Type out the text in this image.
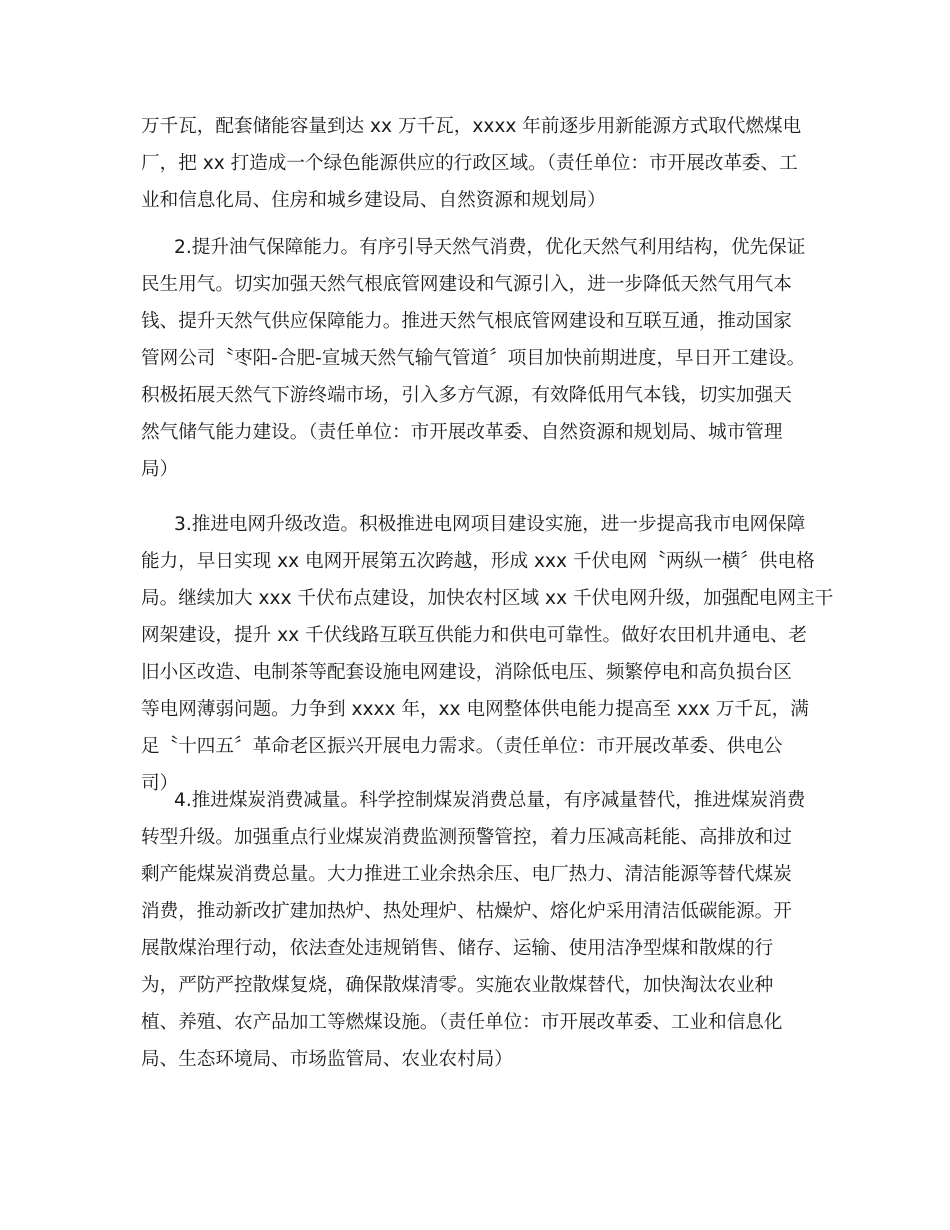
万千瓦，配套储能容量到达 xx 万千瓦，xxxx 年前逐步用新能源方式取代燃煤电
厂，把 xx 打造成一个绿色能源供应的行政区域。（责任单位：市开展改革委、工
业和信息化局、住房和城乡建设局、自然资源和规划局）
2.提升油气保障能力。有序引导天然气消费，优化天然气利用结构，优先保证
民生用气。切实加强天然气根底管网建设和气源引入，进一步降低天然气用气本
钱、提升天然气供应保障能力。推进天然气根底管网建设和互联互通，推动国家
管网公司〝枣阳-合肥-宣城天然气输气管道〞项目加快前期进度，早日开工建设。
积极拓展天然气下游终端市场，引入多方气源，有效降低用气本钱，切实加强天
然气储气能力建设。（责任单位：市开展改革委、自然资源和规划局、城市管理
局）
3.推进电网升级改造。积极推进电网项目建设实施，进一步提高我市电网保障
能力，早日实现 xx 电网开展第五次跨越，形成 xxx 千伏电网〝两纵一横〞供电格
局。继续加大 xxx 千伏布点建设，加快农村区域 xx 千伏电网升级，加强配电网主干
网架建设，提升 xx 千伏线路互联互供能力和供电可靠性。做好农田机井通电、老
旧小区改造、电制茶等配套设施电网建设，消除低电压、频繁停电和高负损台区
等电网薄弱问题。力争到 xxxx 年，xx 电网整体供电能力提高至 xxx 万千瓦，满
足〝十四五〞革命老区振兴开展电力需求。（责任单位：市开展改革委、供电公
司）
4.推进煤炭消费减量。科学控制煤炭消费总量，有序减量替代，推进煤炭消费
转型升级。加强重点行业煤炭消费监测预警管控，着力压减高耗能、高排放和过
剩产能煤炭消费总量。大力推进工业余热余压、电厂热力、清洁能源等替代煤炭
消费，推动新改扩建加热炉、热处理炉、枯燥炉、熔化炉采用清洁低碳能源。开
展散煤治理行动，依法查处违规销售、储存、运输、使用洁净型煤和散煤的行
为，严防严控散煤复烧，确保散煤清零。实施农业散煤替代，加快淘汰农业种
植、养殖、农产品加工等燃煤设施。（责任单位：市开展改革委、工业和信息化
局、生态环境局、市场监管局、农业农村局）
